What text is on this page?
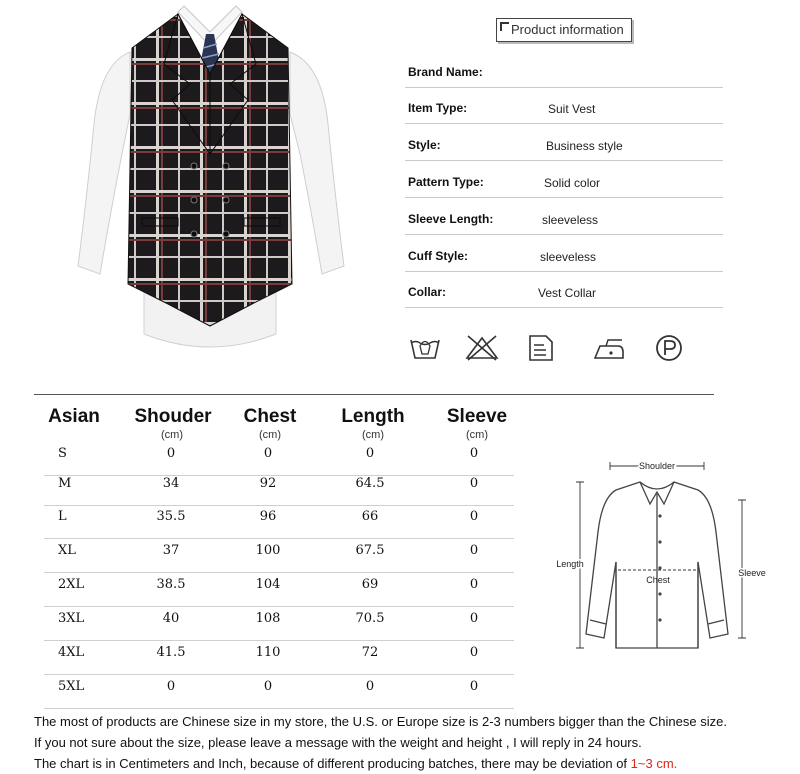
Product information
Brand Name:
Item Type:	Suit Vest
Style:	Business style
Pattern Type:	Solid color
Sleeve Length:	sleeveless
Cuff Style:	sleeveless
Collar:	Vest Collar
Asian Shouder Chest Length Sleeve
(cm)	(cm)	(cm)	(cm)
S	0	0	0	0
M	34	92	64.5	0
L	35.5	96	66	0
XL	37	100	67.5	0
2XL	38.5	104	69	0
3XL	40	108	70.5	0
4XL	41.5	110	72	0
5XL	0	0	0	0
Shoulder
Chest
Length
Sleeve
The most of products are Chinese size in my store, the U.S. or Europe size is 2-3 numbers bigger than the Chinese size.
If you not sure about the size, please leave a message with the weight and height , I will reply in 24 hours.
The chart is in Centimeters and Inch, because of different producing batches, there may be deviation of 1~3 cm.
